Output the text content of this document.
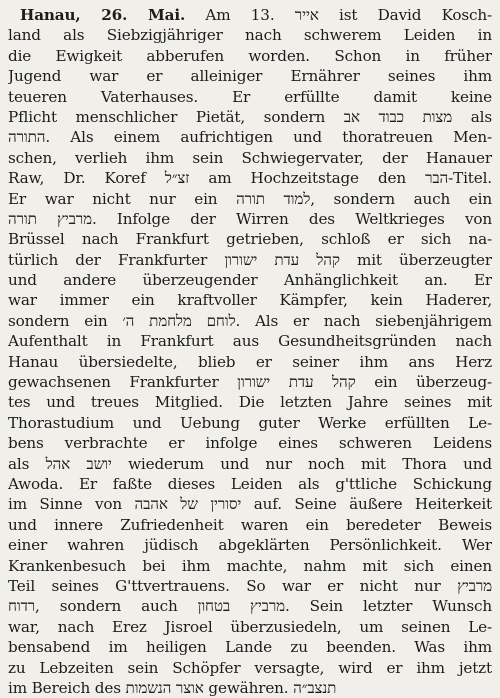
Hanau, 26. Mai. Am 13. אייר ist David Kosch-
land als Siebzigjähriger nach schwerem Leiden in
die Ewigkeit abberufen worden. Schon in früher
Jugend war er alleiniger Ernährer seines ihm
teueren Vaterhauses. Er erfüllte damit keine
Pflicht menschlicher Pietät, sondern מצות כבוד אב als
התורה. Als einem aufrichtigen und thoratreuen Men-
schen, verlieh ihm sein Schwiegervater, der Hanauer
Raw, Dr. Koref זצ״ל am Hochzeitstage den הבר-Titel.
Er war nicht nur ein למוד תורה, sondern auch ein
מרביץ תורה. Infolge der Wirren des Weltkrieges von
Brüssel nach Frankfurt getrieben, schloß er sich na-
türlich der Frankfurter קהל עדת ישורון mit überzeugter
und andere überzeugender Anhänglichkeit an. Er
war immer ein kraftvoller Kämpfer, kein Haderer,
sondern ein לוחם מלחמת ה׳. Als er nach siebenjährigem
Aufenthalt in Frankfurt aus Gesundheitsgründen nach
Hanau übersiedelte, blieb er seiner ihm ans Herz
gewachsenen Frankfurter קהל עדת ישורון ein überzeug-
tes und treues Mitglied. Die letzten Jahre seines mit
Thorastudium und Uebung guter Werke erfüllten Le-
bens verbrachte er infolge eines schweren Leidens
als יושב אהל wiederum und nur noch mit Thora und
Awoda. Er faßte dieses Leiden als g'ttliche Schickung
im Sinne von יסורין של אהבה auf. Seine äußere Heiterkeit
und innere Zufriedenheit waren ein beredeter Beweis
einer wahren jüdisch abgeklärten Persönlichkeit. Wer
Krankenbesuch bei ihm machte, nahm mit sich einen
Teil seines G'ttvertrauens. So war er nicht nur מרביץ
רדוח, sondern auch מרביץ בטחון. Sein letzter Wunsch
war, nach Erez Jisroel überzusiedeln, um seinen Le-
bensabend im heiligen Lande zu beenden. Was ihm
zu Lebzeiten sein Schöpfer versagte, wird er ihm jetzt
im Bereich des אוצר הנשמות gewähren. תנצב״ה
